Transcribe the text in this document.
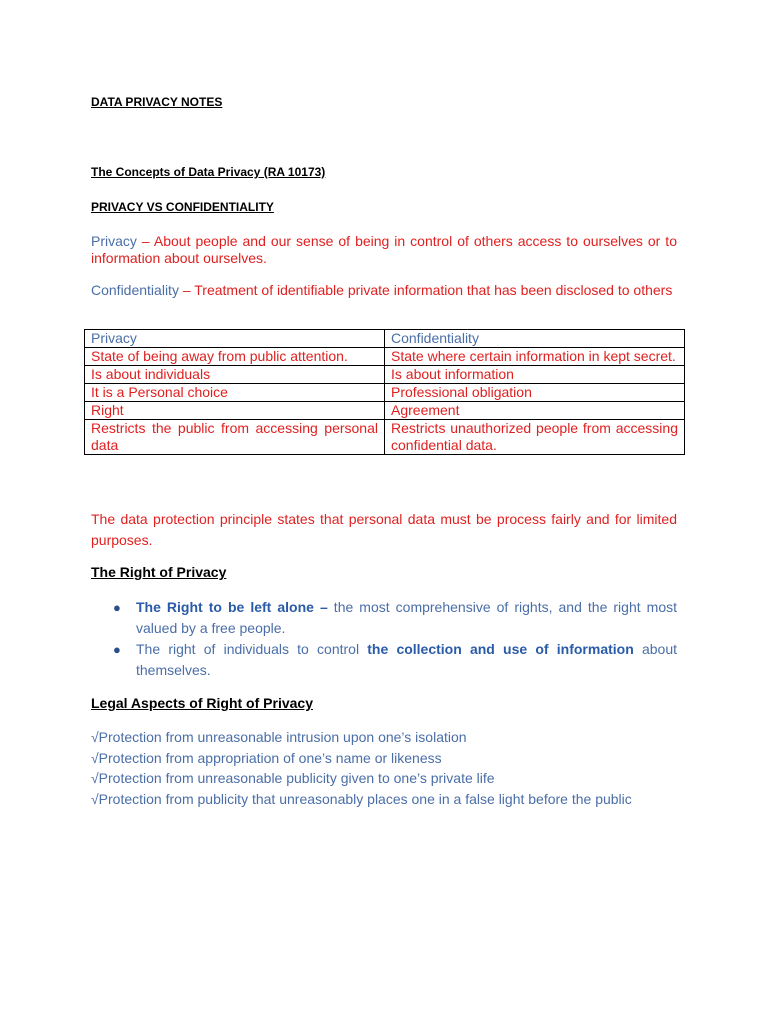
DATA PRIVACY NOTES
The Concepts of Data Privacy (RA 10173)
PRIVACY VS CONFIDENTIALITY
Privacy – About people and our sense of being in control of others access to ourselves or to information about ourselves.
Confidentiality – Treatment of identifiable private information that has been disclosed to others
Privacy	Confidentiality
State of being away from public attention.	State where certain information in kept secret.
Is about individuals	Is about information
It is a Personal choice	Professional obligation
Right	Agreement
Restricts the public from accessing personal data	Restricts unauthorized people from accessing confidential data.
The data protection principle states that personal data must be process fairly and for limited purposes.
The Right of Privacy
● The Right to be left alone – the most comprehensive of rights, and the right most valued by a free people.
● The right of individuals to control the collection and use of information about themselves.
Legal Aspects of Right of Privacy
√Protection from unreasonable intrusion upon one’s isolation
√Protection from appropriation of one’s name or likeness
√Protection from unreasonable publicity given to one’s private life
√Protection from publicity that unreasonably places one in a false light before the public
